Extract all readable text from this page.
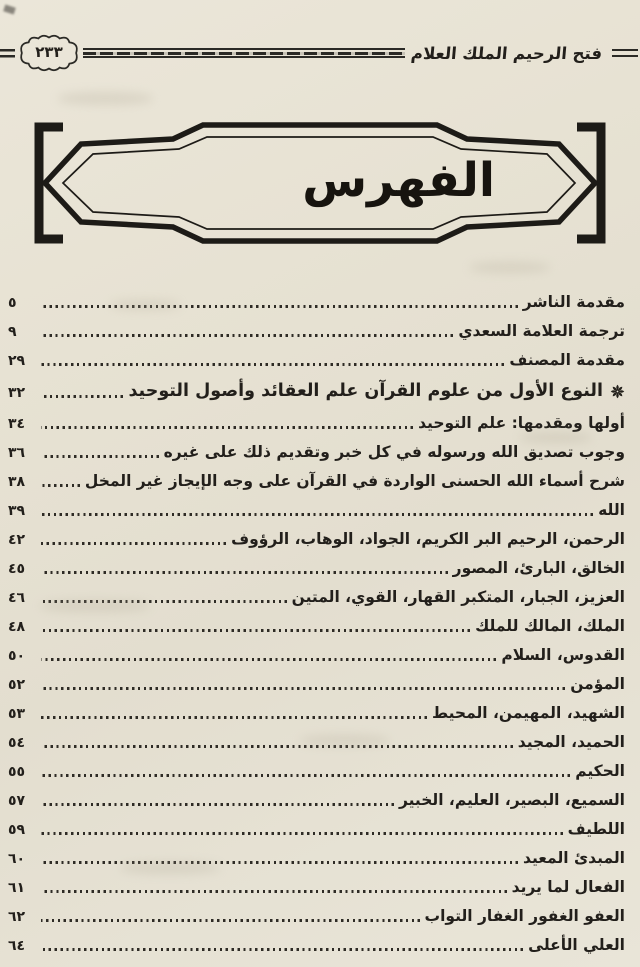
٢٣٣	فتح الرحيم الملك العلام
الفهرس
مقدمة الناشر
٥
ترجمة العلامة السعدي
٩
مقدمة المصنف
٢٩
النوع الأول من علوم القرآن علم العقائد وأصول التوحيد
٣٢
أولها ومقدمها: علم التوحيد
٣٤
وجوب تصديق الله ورسوله في كل خبر وتقديم ذلك على غيره
٣٦
شرح أسماء الله الحسنى الواردة في القرآن على وجه الإيجاز غير المخل
٣٨
الله
٣٩
الرحمن، الرحيم البر الكريم، الجواد، الوهاب، الرؤوف
٤٢
الخالق، البارئ، المصور
٤٥
العزيز، الجبار، المتكبر القهار، القوي، المتين
٤٦
الملك، المالك للملك
٤٨
القدوس، السلام
٥٠
المؤمن
٥٢
الشهيد، المهيمن، المحيط
٥٣
الحميد، المجيد
٥٤
الحكيم
٥٥
السميع، البصير، العليم، الخبير
٥٧
اللطيف
٥٩
المبدئ المعيد
٦٠
الفعال لما يريد
٦١
العفو الغفور الغفار التواب
٦٢
العلي الأعلى
٦٤
